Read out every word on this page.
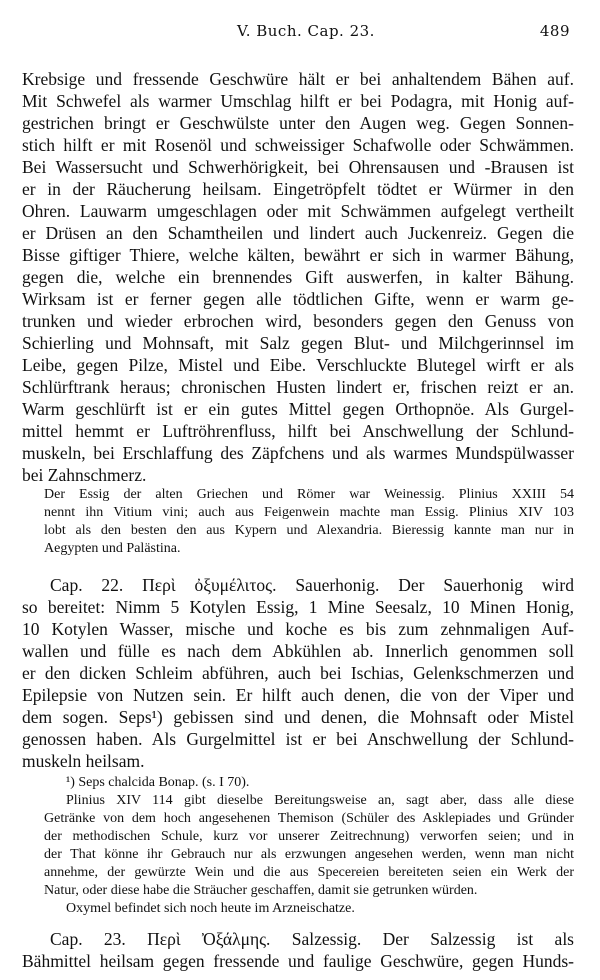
V. Buch. Cap. 23.	489
Krebsige und fressende Geschwüre hält er bei anhaltendem Bähen auf.
Mit Schwefel als warmer Umschlag hilft er bei Podagra, mit Honig auf-
gestrichen bringt er Geschwülste unter den Augen weg. Gegen Sonnen-
stich hilft er mit Rosenöl und schweissiger Schafwolle oder Schwämmen.
Bei Wassersucht und Schwerhörigkeit, bei Ohrensausen und -Brausen ist
er in der Räucherung heilsam. Eingetröpfelt tödtet er Würmer in den
Ohren. Lauwarm umgeschlagen oder mit Schwämmen aufgelegt vertheilt
er Drüsen an den Schamtheilen und lindert auch Juckenreiz. Gegen die
Bisse giftiger Thiere, welche kälten, bewährt er sich in warmer Bähung,
gegen die, welche ein brennendes Gift auswerfen, in kalter Bähung.
Wirksam ist er ferner gegen alle tödtlichen Gifte, wenn er warm ge-
trunken und wieder erbrochen wird, besonders gegen den Genuss von
Schierling und Mohnsaft, mit Salz gegen Blut- und Milchgerinnsel im
Leibe, gegen Pilze, Mistel und Eibe. Verschluckte Blutegel wirft er als
Schlürftrank heraus; chronischen Husten lindert er, frischen reizt er an.
Warm geschlürft ist er ein gutes Mittel gegen Orthopnöe. Als Gurgel-
mittel hemmt er Luftröhrenfluss, hilft bei Anschwellung der Schlund-
muskeln, bei Erschlaffung des Zäpfchens und als warmes Mundspülwasser
bei Zahnschmerz.
Der Essig der alten Griechen und Römer war Weinessig. Plinius XXIII 54
nennt ihn Vitium vini; auch aus Feigenwein machte man Essig. Plinius XIV 103
lobt als den besten den aus Kypern und Alexandria. Bieressig kannte man nur in
Aegypten und Palästina.
Cap. 22. Περὶ ὀξυμέλιτος. Sauerhonig. Der Sauerhonig wird
so bereitet: Nimm 5 Kotylen Essig, 1 Mine Seesalz, 10 Minen Honig,
10 Kotylen Wasser, mische und koche es bis zum zehnmaligen Auf-
wallen und fülle es nach dem Abkühlen ab. Innerlich genommen soll
er den dicken Schleim abführen, auch bei Ischias, Gelenkschmerzen und
Epilepsie von Nutzen sein. Er hilft auch denen, die von der Viper und
dem sogen. Seps¹) gebissen sind und denen, die Mohnsaft oder Mistel
genossen haben. Als Gurgelmittel ist er bei Anschwellung der Schlund-
muskeln heilsam.
¹) Seps chalcida Bonap. (s. I 70).
Plinius XIV 114 gibt dieselbe Bereitungsweise an, sagt aber, dass alle diese
Getränke von dem hoch angesehenen Themison (Schüler des Asklepiades und Gründer
der methodischen Schule, kurz vor unserer Zeitrechnung) verworfen seien; und in
der That könne ihr Gebrauch nur als erzwungen angesehen werden, wenn man nicht
annehme, der gewürzte Wein und die aus Specereien bereiteten seien ein Werk der
Natur, oder diese habe die Sträucher geschaffen, damit sie getrunken würden.
Oxymel befindet sich noch heute im Arzneischatze.
Cap. 23. Περὶ Ὀξάλμης. Salzessig. Der Salzessig ist als
Bähmittel heilsam gegen fressende und faulige Geschwüre, gegen Hunds-
